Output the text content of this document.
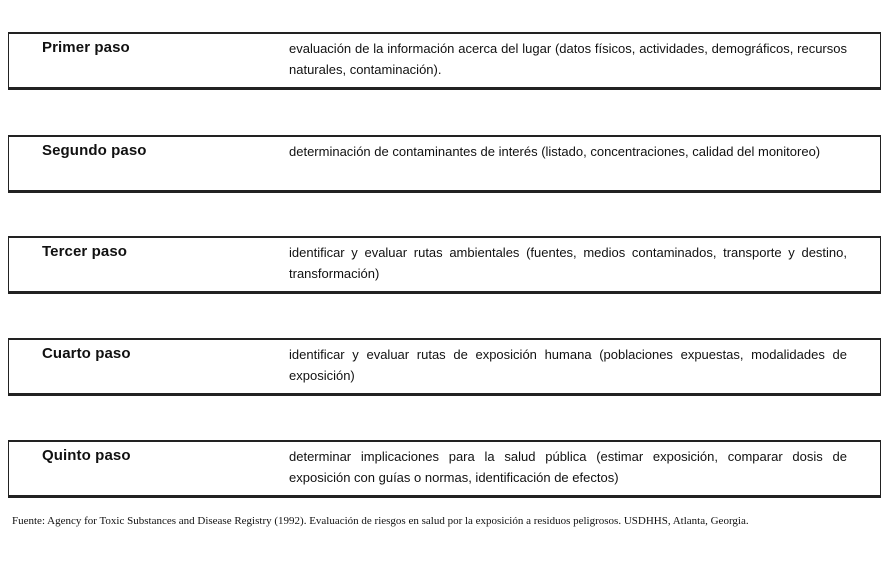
Primer paso	evaluación de la información acerca del lugar (datos físicos, actividades, demográficos, recursos naturales, contaminación).
Segundo paso	determinación de contaminantes de interés (listado, concentraciones, calidad del monitoreo)
Tercer paso	identificar y evaluar rutas ambientales (fuentes, medios contaminados, transporte y destino, transformación)
Cuarto paso	identificar y evaluar rutas de exposición humana (poblaciones expuestas, modalidades de exposición)
Quinto paso	determinar implicaciones para la salud pública (estimar exposición, comparar dosis de exposición con guías o normas, identificación de efectos)
Fuente: Agency for Toxic Substances and Disease Registry (1992). Evaluación de riesgos en salud por la exposición a residuos peligrosos. USDHHS, Atlanta, Georgia.
